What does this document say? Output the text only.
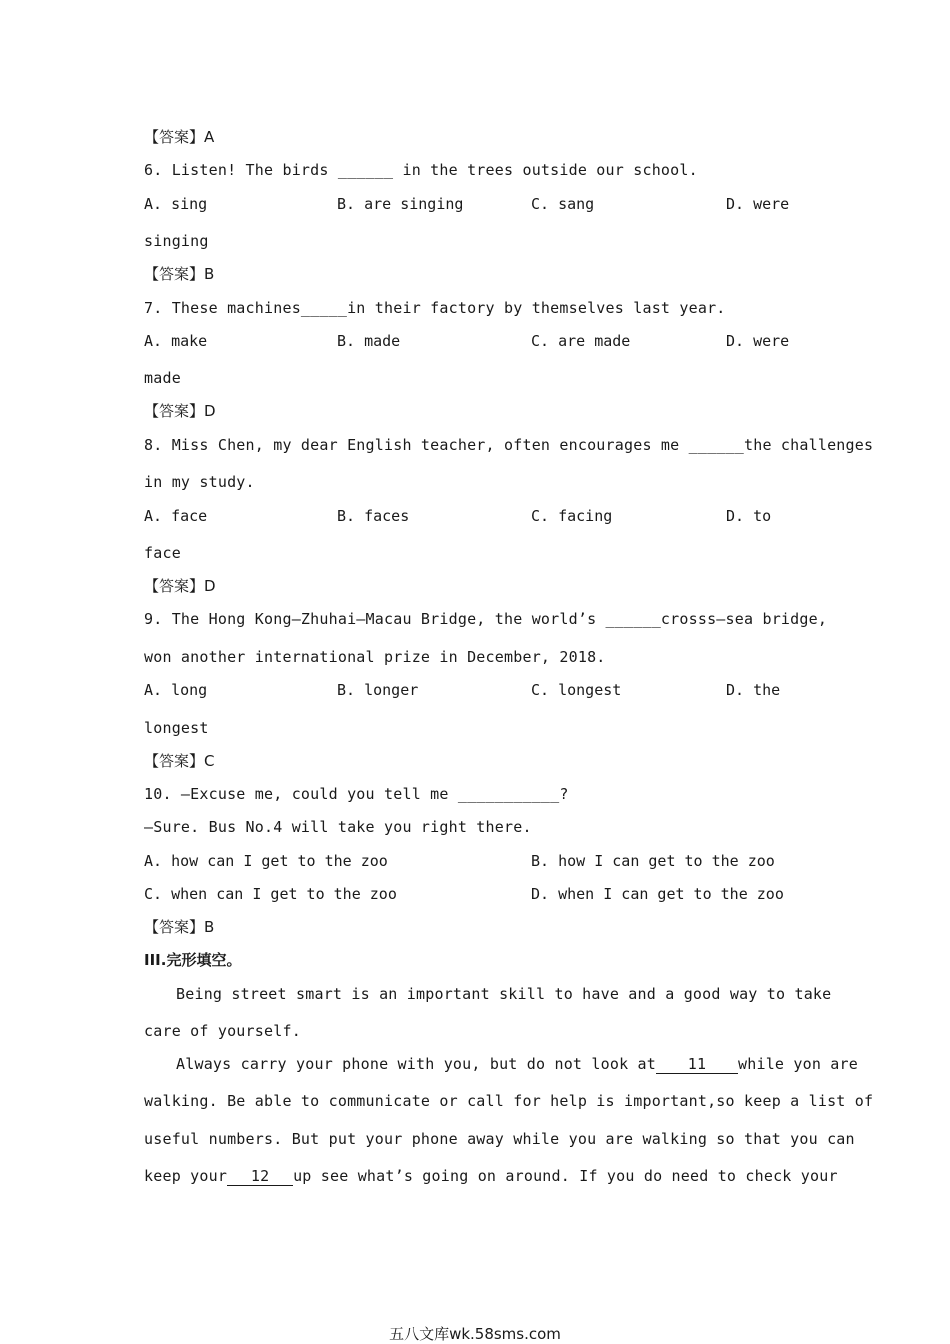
【答案】A
6. Listen! The birds ______ in the trees outside our school.
A. sing	B. are singing	C. sang	D. were
singing
【答案】B
7. These machines_____in their factory by themselves last year.
A. make	B. made	C. are made	D. were
made
【答案】D
8. Miss Chen, my dear English teacher, often encourages me ______the challenges
in my study.
A. face	B. faces	C. facing	D. to
face
【答案】D
9. The Hong Kong—Zhuhai—Macau Bridge, the world’s ______crosss—sea bridge,
won another international prize in December, 2018.
A. long	B. longer	C. longest	D. the
longest
【答案】C
10. —Excuse me, could you tell me ___________?
—Sure. Bus No.4 will take you right there.
A. how can I get to the zoo	B. how I can get to the zoo
C. when can I get to the zoo	D. when I can get to the zoo
【答案】B
III.完形填空。
Being street smart is an important skill to have and a good way to take
care of yourself.
Always carry your phone with you, but do not look at 11 while yon are
walking. Be able to communicate or call for help is important,so keep a list of
useful numbers. But put your phone away while you are walking so that you can
keep your 12 up see what’s going on around. If you do need to check your
五八文库wk.58sms.com
